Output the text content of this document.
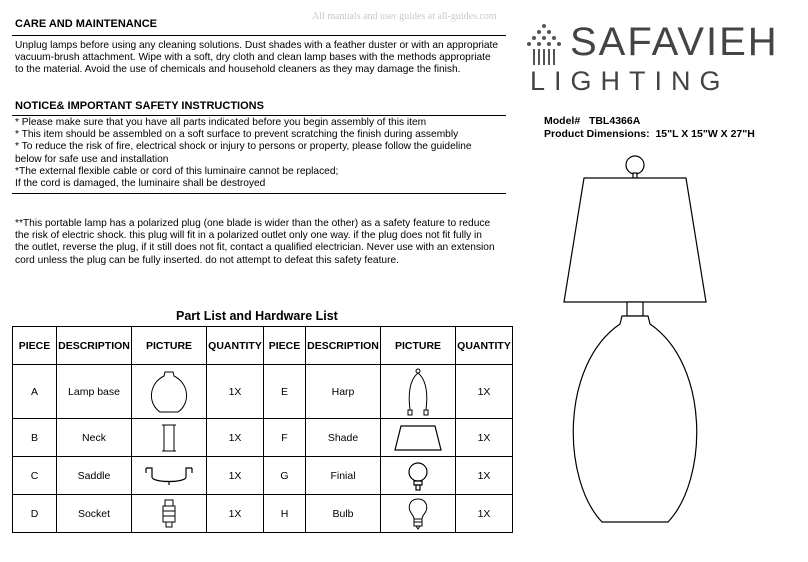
All manuals and user guides at all-guides.com
CARE AND MAINTENANCE
Unplug lamps before using any cleaning solutions. Dust shades with a feather duster or with an appropriate
vacuum-brush attachment. Wipe with a soft, dry cloth and clean lamp bases with the methods appropriate
to the material. Avoid the use of chemicals and household cleaners as they may damage the finish.
NOTICE& IMPORTANT SAFETY INSTRUCTIONS
* Please make sure that you have all parts indicated before you begin assembly of this item
* This item should be assembled on a soft surface to prevent scratching the finish during assembly
* To reduce the risk of fire, electrical shock or injury to persons or property, please follow the guideline
below for safe use and installation
*The external flexible cable or cord of this luminaire cannot be replaced;
If the cord is damaged, the luminaire shall be destroyed
**This portable lamp has a polarized plug (one blade is wider than the other) as a safety feature to reduce
the risk of electric shock. this plug will fit in a polarized outlet only one way. if the plug does not fit fully in
the outlet, reverse the plug, if it still does not fit, contact a qualified electrician. Never use with an extension
cord unless the plug can be fully inserted. do not attempt to defeat this safety feature.
SAFAVIEH
LIGHTING
Model# TBL4366A
Product Dimensions: 15"L X 15"W X 27"H
Part List and Hardware List
PIECE	DESCRIPTION	PICTURE	QUANTITY	PIECE	DESCRIPTION	PICTURE	QUANTITY
A	Lamp base		1X	E	Harp		1X
B	Neck		1X	F	Shade		1X
C	Saddle		1X	G	Finial		1X
D	Socket		1X	H	Bulb		1X
